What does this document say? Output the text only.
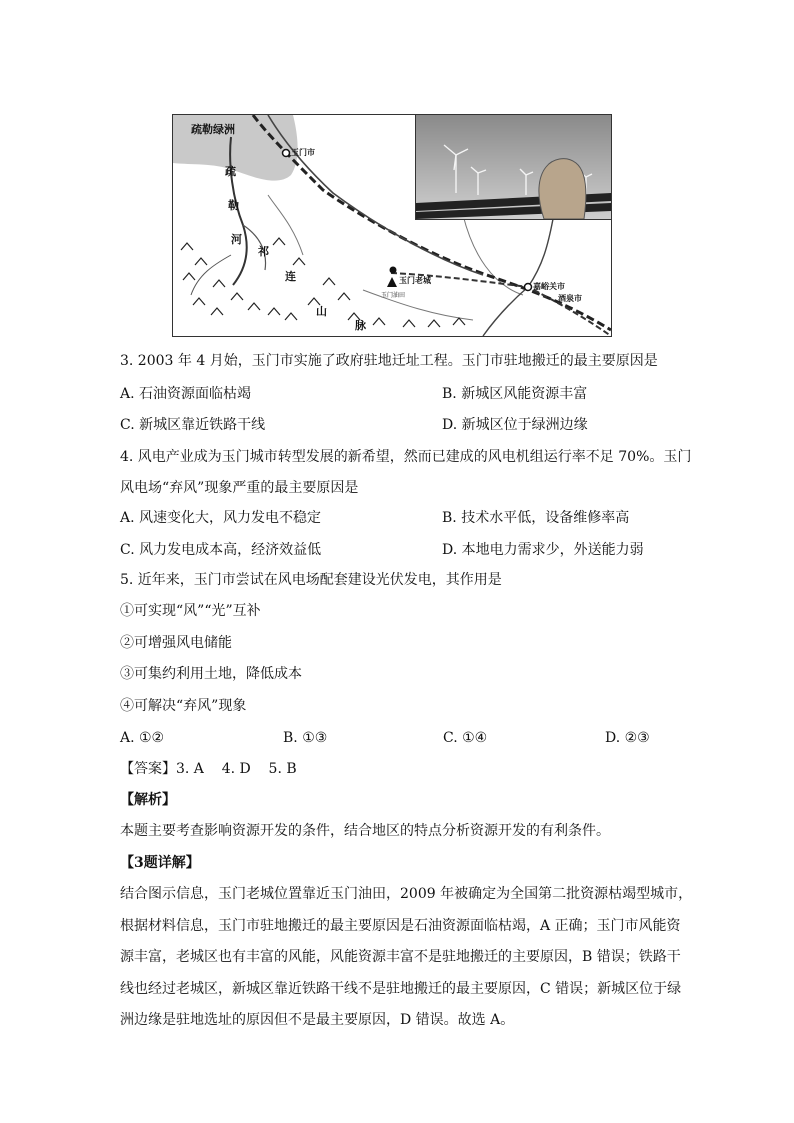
疏勒绿洲
疏
勒
河
祁
连
山
脉
玉门市
玉门老城
玉门油田
嘉峪关市
酒泉市
3. 2003 年 4 月始，玉门市实施了政府驻地迁址工程。玉门市驻地搬迁的最主要原因是
A. 石油资源面临枯竭	B. 新城区风能资源丰富
C. 新城区靠近铁路干线	D. 新城区位于绿洲边缘
4. 风电产业成为玉门城市转型发展的新希望，然而已建成的风电机组运行率不足 70%。玉门
风电场“弃风”现象严重的最主要原因是
A. 风速变化大，风力发电不稳定	B. 技术水平低，设备维修率高
C. 风力发电成本高，经济效益低	D. 本地电力需求少，外送能力弱
5. 近年来，玉门市尝试在风电场配套建设光伏发电，其作用是
①可实现“风”“光”互补
②可增强风电储能
③可集约利用土地，降低成本
④可解决“弃风”现象
A. ①②	B. ①③	C. ①④	D. ②③
【答案】3. A    4. D    5. B
【解析】
本题主要考查影响资源开发的条件，结合地区的特点分析资源开发的有利条件。
【3题详解】
结合图示信息，玉门老城位置靠近玉门油田，2009 年被确定为全国第二批资源枯竭型城市，
根据材料信息，玉门市驻地搬迁的最主要原因是石油资源面临枯竭，A 正确；玉门市风能资
源丰富，老城区也有丰富的风能，风能资源丰富不是驻地搬迁的主要原因，B 错误；铁路干
线也经过老城区，新城区靠近铁路干线不是驻地搬迁的最主要原因，C 错误；新城区位于绿
洲边缘是驻地选址的原因但不是最主要原因，D 错误。故选 A。
